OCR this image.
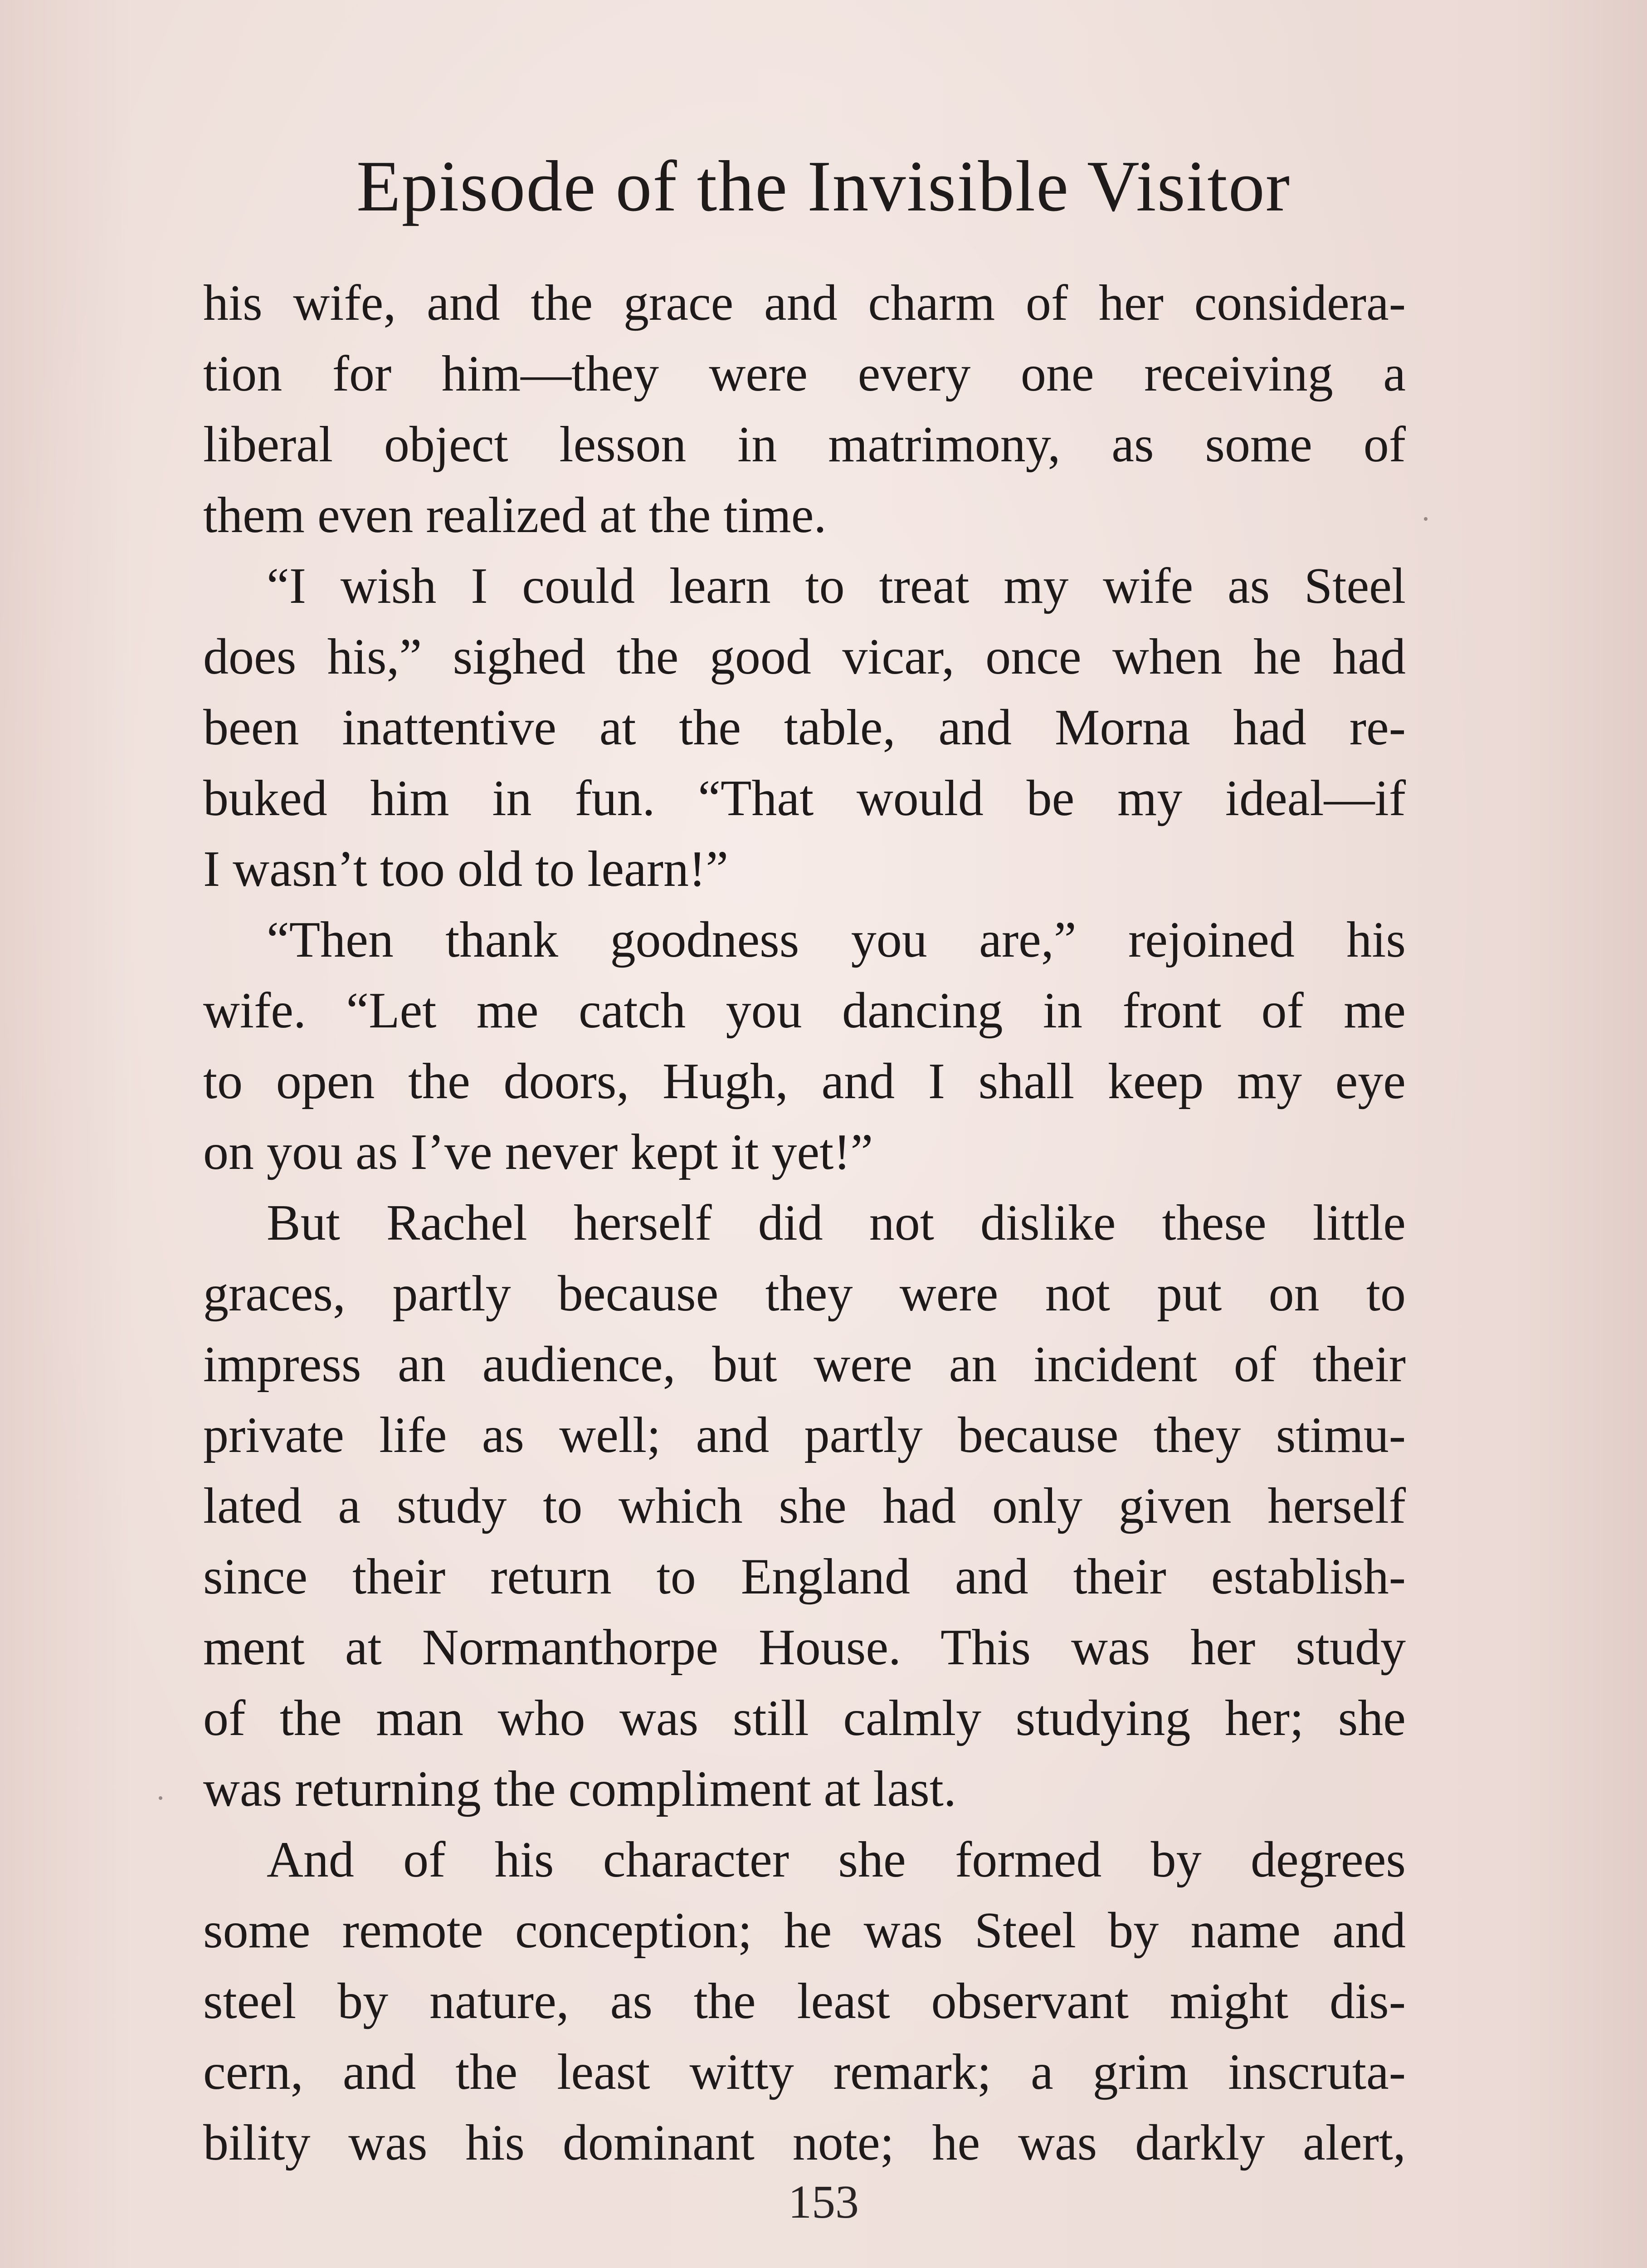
Episode of the Invisible Visitor
his wife, and the grace and charm of her considera-
tion for him—they were every one receiving a
liberal object lesson in matrimony, as some of
them even realized at the time.
“I wish I could learn to treat my wife as Steel
does his,” sighed the good vicar, once when he had
been inattentive at the table, and Morna had re-
buked him in fun. “That would be my ideal—if
I wasn’t too old to learn!”
“Then thank goodness you are,” rejoined his
wife. “Let me catch you dancing in front of me
to open the doors, Hugh, and I shall keep my eye
on you as I’ve never kept it yet!”
But Rachel herself did not dislike these little
graces, partly because they were not put on to
impress an audience, but were an incident of their
private life as well; and partly because they stimu-
lated a study to which she had only given herself
since their return to England and their establish-
ment at Normanthorpe House. This was her study
of the man who was still calmly studying her; she
was returning the compliment at last.
And of his character she formed by degrees
some remote conception; he was Steel by name and
steel by nature, as the least observant might dis-
cern, and the least witty remark; a grim inscruta-
bility was his dominant note; he was darkly alert,
153
